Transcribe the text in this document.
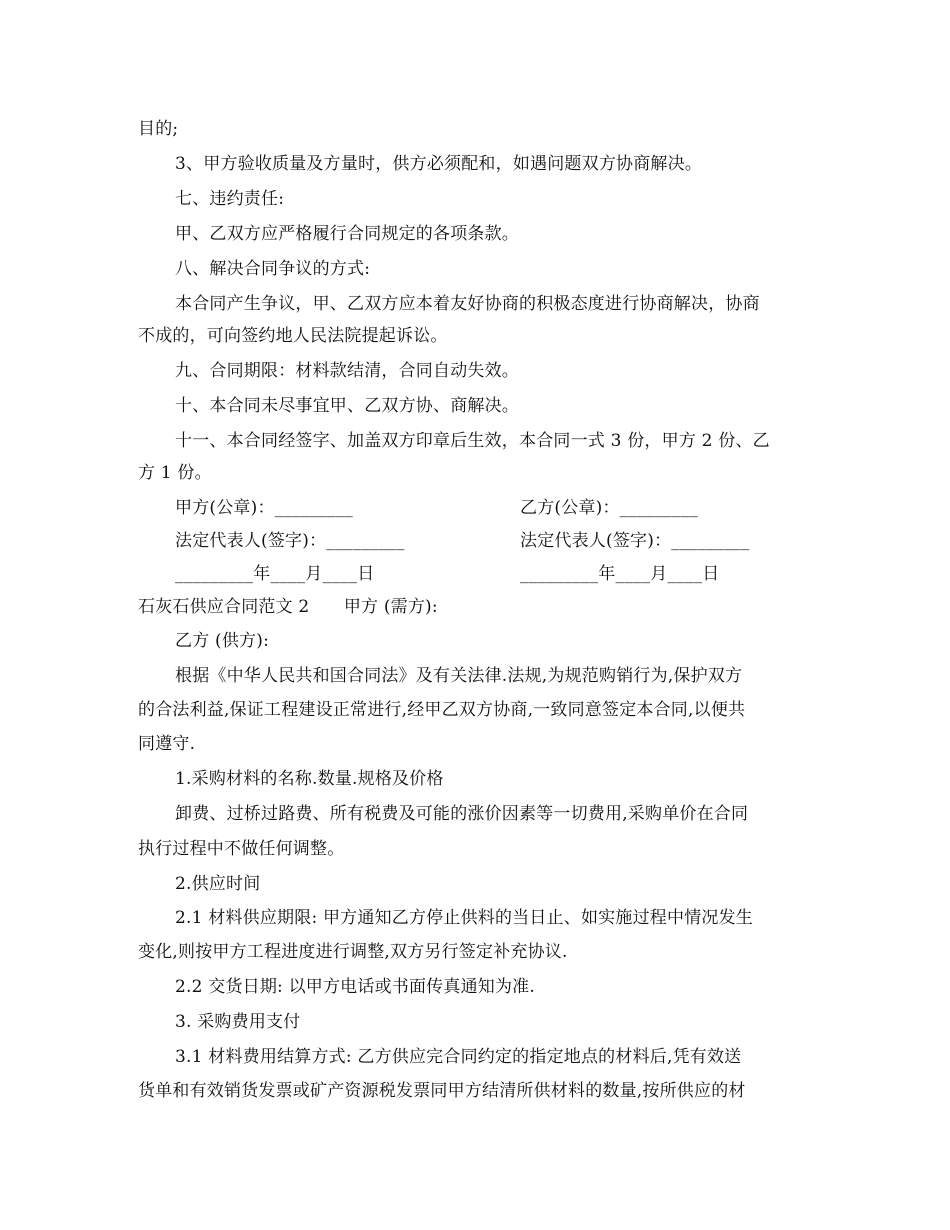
目的;
3、甲方验收质量及方量时，供方必须配和，如遇问题双方协商解决。
七、违约责任:
甲、乙双方应严格履行合同规定的各项条款。
八、解决合同争议的方式:
本合同产生争议，甲、乙双方应本着友好协商的积极态度进行协商解决，协商
不成的，可向签约地人民法院提起诉讼。
九、合同期限：材料款结清，合同自动失效。
十、本合同未尽事宜甲、乙双方协、商解决。
十一、本合同经签字、加盖双方印章后生效，本合同一式 3 份，甲方 2 份、乙
方 1 份。
甲方(公章)：_________	乙方(公章)：_________
法定代表人(签字)：_________	法定代表人(签字)：_________
_________年____月____日	_________年____月____日
石灰石供应合同范文 2　　甲方 (需方):
乙方 (供方):
根据《中华人民共和国合同法》及有关法律.法规,为规范购销行为,保护双方
的合法利益,保证工程建设正常进行,经甲乙双方协商,一致同意签定本合同,以便共
同遵守.
1.采购材料的名称.数量.规格及价格
卸费、过桥过路费、所有税费及可能的涨价因素等一切费用,采购单价在合同
执行过程中不做任何调整。
2.供应时间
2.1 材料供应期限: 甲方通知乙方停止供料的当日止、如实施过程中情况发生
变化,则按甲方工程进度进行调整,双方另行签定补充协议.
2.2 交货日期: 以甲方电话或书面传真通知为准.
3. 采购费用支付
3.1 材料费用结算方式: 乙方供应完合同约定的指定地点的材料后,凭有效送
货单和有效销货发票或矿产资源税发票同甲方结清所供材料的数量,按所供应的材
